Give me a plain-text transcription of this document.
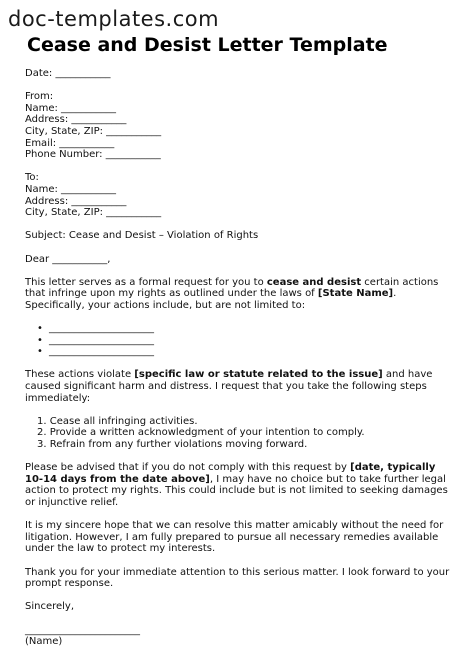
doc-templates.com
Cease and Desist Letter Template

Date: ___________

From:

Name: ___________

Address: ___________

City, State, ZIP: ___________

Email: ___________

Phone Number: ___________

To:

Name: ___________

Address: ___________

City, State, ZIP: ___________

Subject: Cease and Desist – Violation of Rights

Dear ___________,

This letter serves as a formal request for you to cease and desist certain actions that infringe upon my rights as outlined under the laws of [State Name]. Specifically, your actions include, but are not limited to:

• _____________________
• _____________________
• _____________________

These actions violate [specific law or statute related to the issue] and have caused significant harm and distress. I request that you take the following steps immediately:

1. Cease all infringing activities.
2. Provide a written acknowledgment of your intention to comply.
3. Refrain from any further violations moving forward.

Please be advised that if you do not comply with this request by [date, typically 10-14 days from the date above], I may have no choice but to take further legal action to protect my rights. This could include but is not limited to seeking damages or injunctive relief.

It is my sincere hope that we can resolve this matter amicably without the need for litigation. However, I am fully prepared to pursue all necessary remedies available under the law to protect my interests.

Thank you for your immediate attention to this serious matter. I look forward to your prompt response.

Sincerely,

_______________________

(Name)
